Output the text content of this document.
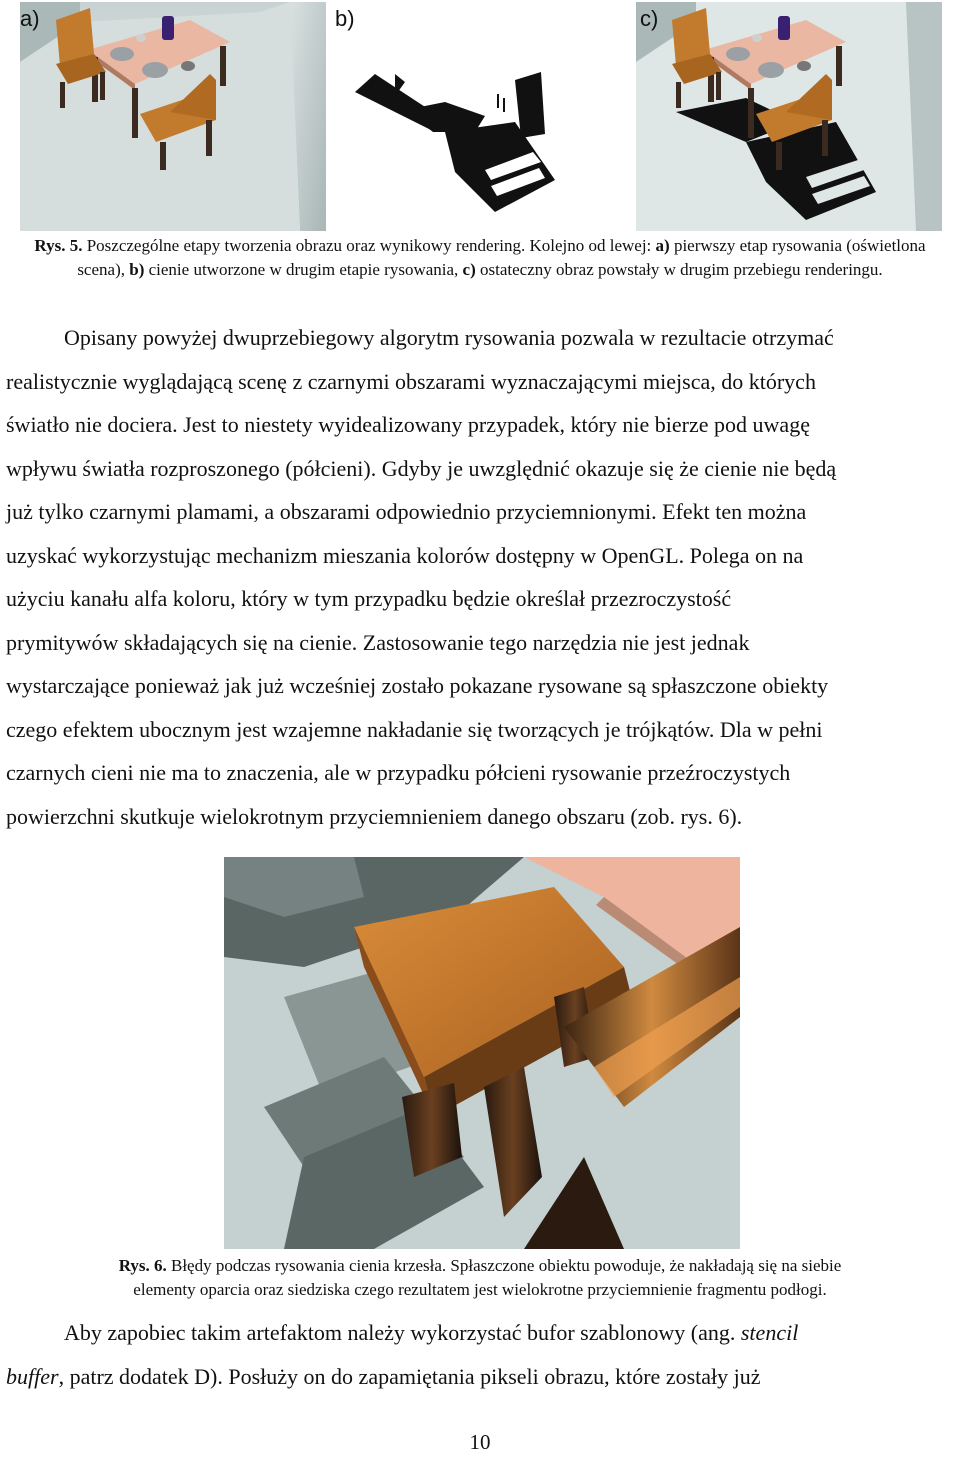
a)	b)	c)
Rys. 5. Poszczególne etapy tworzenia obrazu oraz wynikowy rendering. Kolejno od lewej: a) pierwszy etap rysowania (oświetlona scena), b) cienie utworzone w drugim etapie rysowania, c) ostateczny obraz powstały w drugim przebiegu renderingu.
Opisany powyżej dwuprzebiegowy algorytm rysowania pozwala w rezultacie otrzymać
realistycznie wyglądającą scenę z czarnymi obszarami wyznaczającymi miejsca, do których
światło nie dociera. Jest to niestety wyidealizowany przypadek, który nie bierze pod uwagę
wpływu światła rozproszonego (półcieni). Gdyby je uwzględnić okazuje się że cienie nie będą
już tylko czarnymi plamami, a obszarami odpowiednio przyciemnionymi. Efekt ten można
uzyskać wykorzystując mechanizm mieszania kolorów dostępny w OpenGL. Polega on na
użyciu kanału alfa koloru, który w tym przypadku będzie określał przezroczystość
prymitywów składających się na cienie. Zastosowanie tego narzędzia nie jest jednak
wystarczające ponieważ jak już wcześniej zostało pokazane rysowane są spłaszczone obiekty
czego efektem ubocznym jest wzajemne nakładanie się tworzących je trójkątów. Dla w pełni
czarnych cieni nie ma to znaczenia, ale w przypadku półcieni rysowanie przeźroczystych
powierzchni skutkuje wielokrotnym przyciemnieniem danego obszaru (zob. rys. 6).
Rys. 6. Błędy podczas rysowania cienia krzesła. Spłaszczone obiektu powoduje, że nakładają się na siebie
elementy oparcia oraz siedziska czego rezultatem jest wielokrotne przyciemnienie fragmentu podłogi.
Aby zapobiec takim artefaktom należy wykorzystać bufor szablonowy (ang. stencil
buffer, patrz dodatek D). Posłuży on do zapamiętania pikseli obrazu, które zostały już
10
